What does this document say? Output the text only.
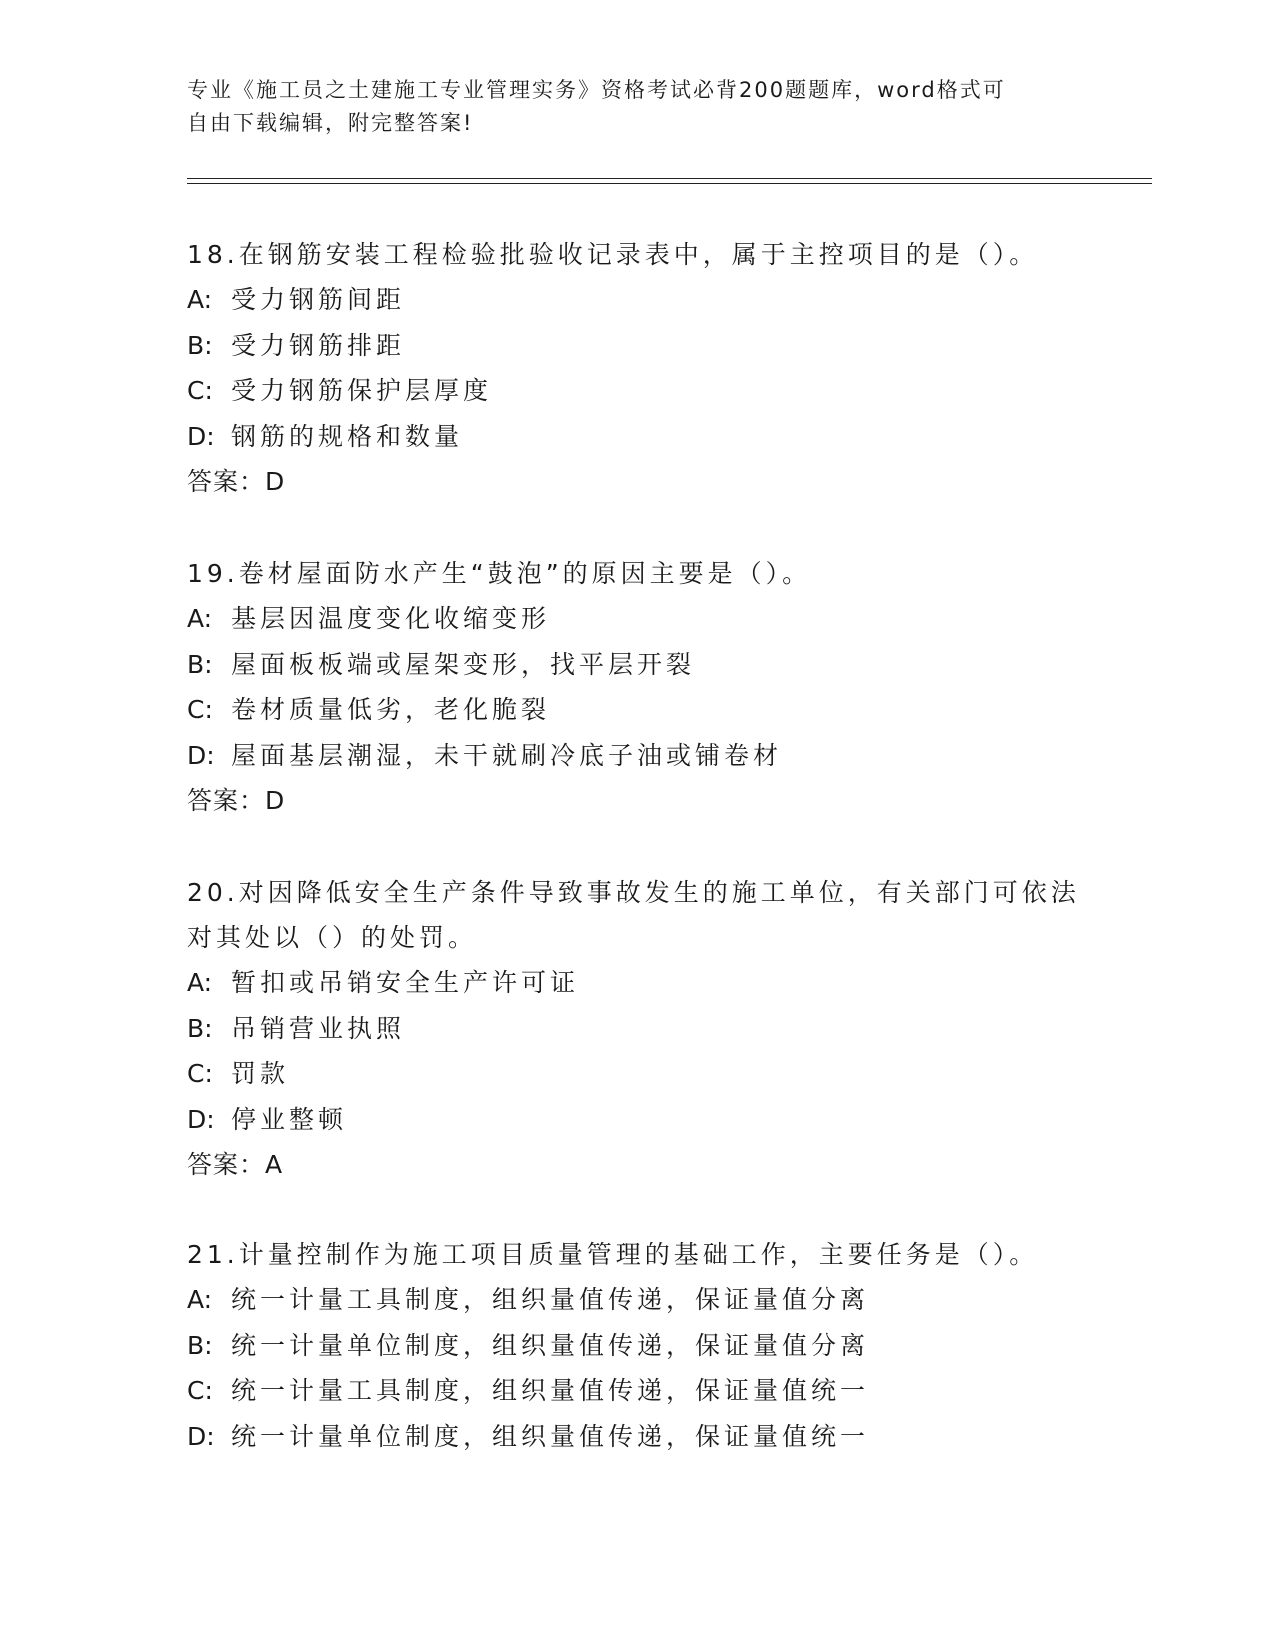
专业《施工员之土建施工专业管理实务》资格考试必背200题题库，word格式可
自由下载编辑，附完整答案!
18.在钢筋安装工程检验批验收记录表中，属于主控项目的是（）。
A: 受力钢筋间距
B: 受力钢筋排距
C: 受力钢筋保护层厚度
D: 钢筋的规格和数量
答案：D
19.卷材屋面防水产生“鼓泡”的原因主要是（）。
A: 基层因温度变化收缩变形
B: 屋面板板端或屋架变形，找平层开裂
C: 卷材质量低劣，老化脆裂
D: 屋面基层潮湿，未干就刷冷底子油或铺卷材
答案：D
20.对因降低安全生产条件导致事故发生的施工单位，有关部门可依法
对其处以（）的处罚。
A: 暂扣或吊销安全生产许可证
B: 吊销营业执照
C: 罚款
D: 停业整顿
答案：A
21.计量控制作为施工项目质量管理的基础工作，主要任务是（）。
A: 统一计量工具制度，组织量值传递，保证量值分离
B: 统一计量单位制度，组织量值传递，保证量值分离
C: 统一计量工具制度，组织量值传递，保证量值统一
D: 统一计量单位制度，组织量值传递，保证量值统一
